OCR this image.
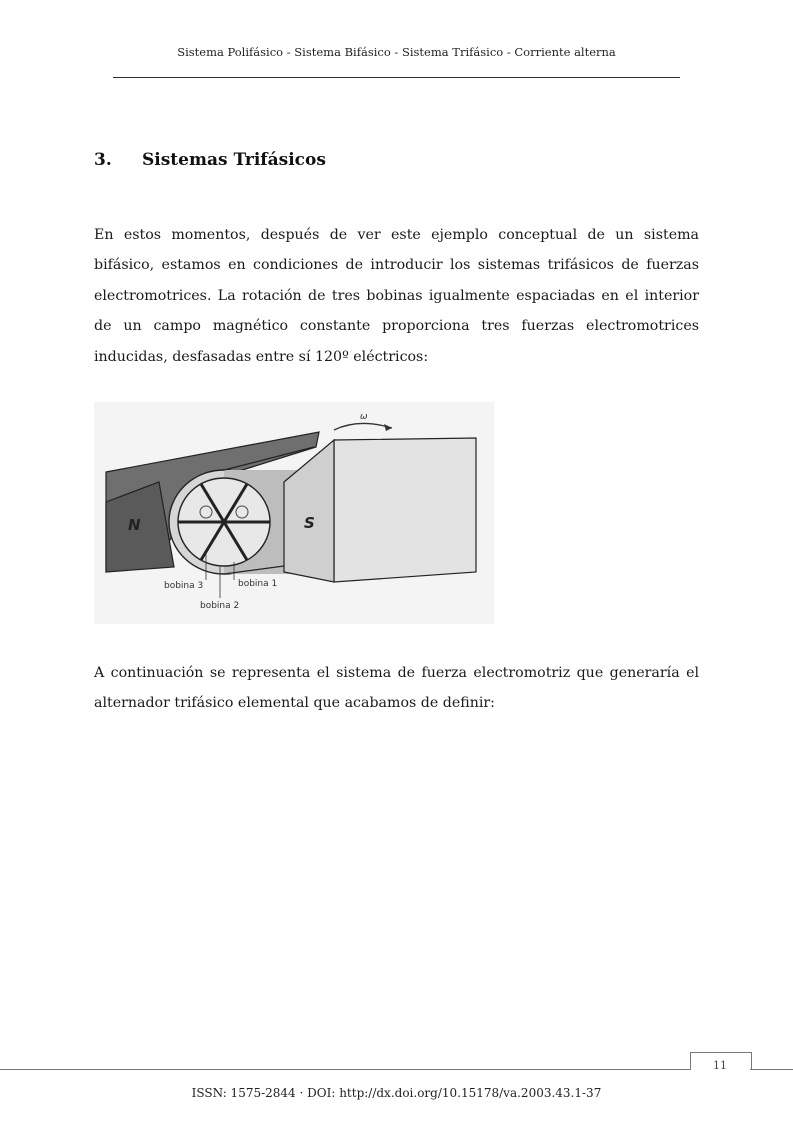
Sistema Polifásico - Sistema Bifásico - Sistema Trifásico - Corriente alterna
3. Sistemas Trifásicos

En estos momentos, después de ver este ejemplo conceptual de un sistema bifásico, estamos en condiciones de introducir los sistemas trifásicos de fuerzas electromotrices. La rotación de tres bobinas igualmente espaciadas en el interior de un campo magnético constante proporciona tres fuerzas electromotrices inducidas, desfasadas entre sí 120º eléctricos:

ω
N	S
bobina 3	bobina 1
bobina 2

A continuación se representa el sistema de fuerza electromotriz que generaría el alternador trifásico elemental que acabamos de definir:

11
ISSN: 1575-2844 · DOI: http://dx.doi.org/10.15178/va.2003.43.1-37
